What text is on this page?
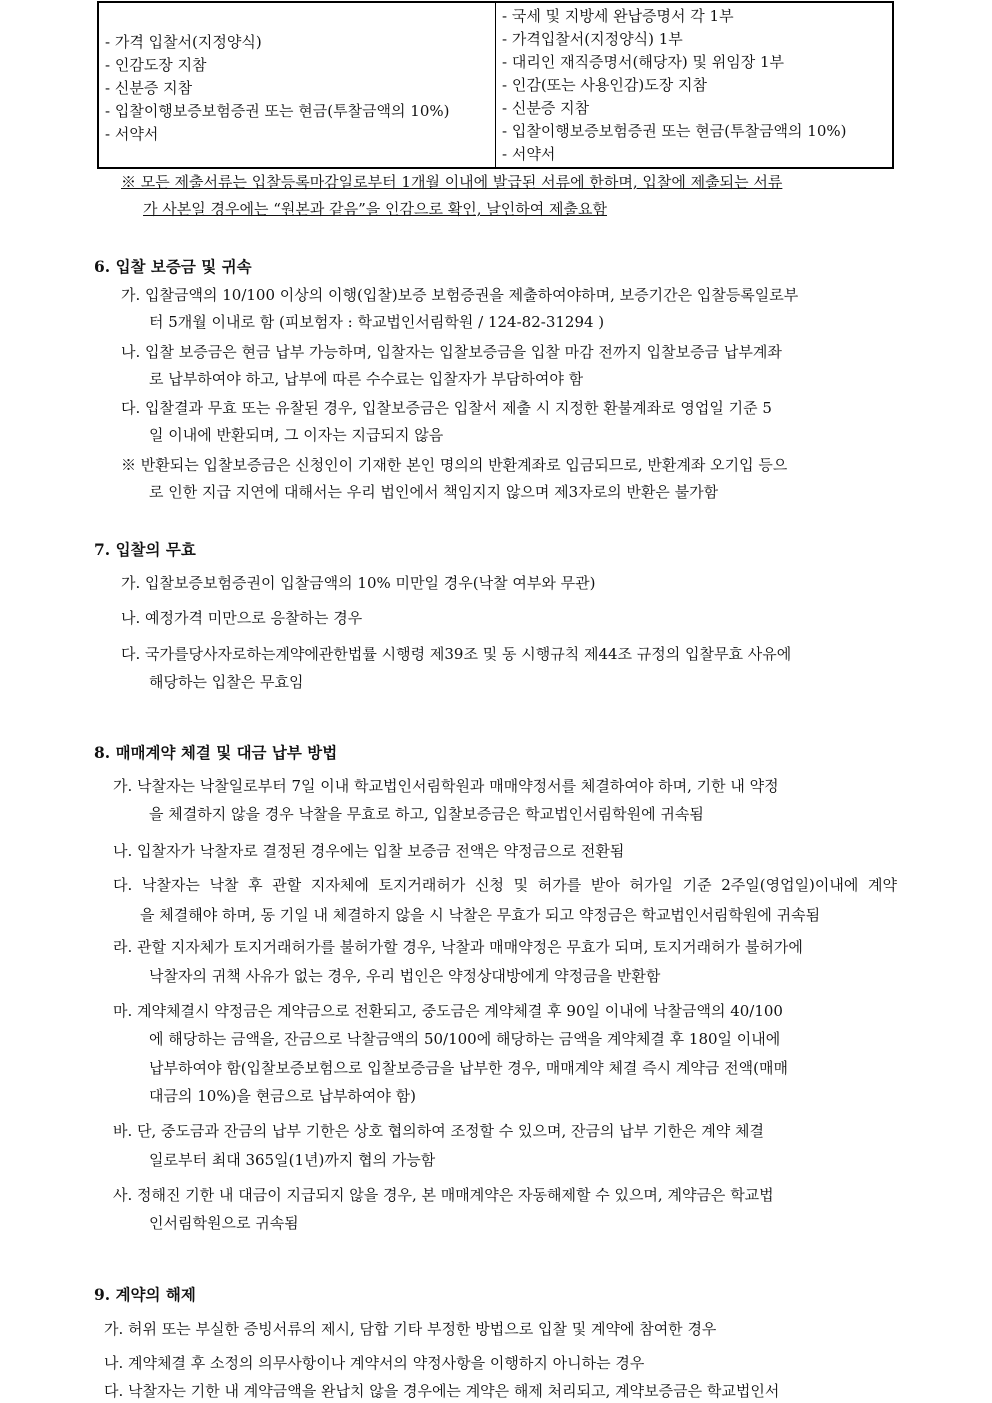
- 가격 입찰서(지정양식)
- 인감도장 지참
- 신분증 지참
- 입찰이행보증보험증권 또는 현금(투찰금액의 10%)
- 서약서
- 국세 및 지방세 완납증명서 각 1부
- 가격입찰서(지정양식) 1부
- 대리인 재직증명서(해당자) 및 위임장 1부
- 인감(또는 사용인감)도장 지참
- 신분증 지참
- 입찰이행보증보험증권 또는 현금(투찰금액의 10%)
- 서약서
※ 모든 제출서류는 입찰등록마감일로부터 1개월 이내에 발급된 서류에 한하며, 입찰에 제출되는 서류
가 사본일 경우에는 “원본과 같음”을 인감으로 확인, 날인하여 제출요함
6. 입찰 보증금 및 귀속
가. 입찰금액의 10/100 이상의 이행(입찰)보증 보험증권을 제출하여야하며, 보증기간은 입찰등록일로부
터 5개월 이내로 함 (피보험자 : 학교법인서림학원 / 124-82-31294 )
나. 입찰 보증금은 현금 납부 가능하며, 입찰자는 입찰보증금을 입찰 마감 전까지 입찰보증금 납부계좌
로 납부하여야 하고, 납부에 따른 수수료는 입찰자가 부담하여야 함
다. 입찰결과 무효 또는 유찰된 경우, 입찰보증금은 입찰서 제출 시 지정한 환불계좌로 영업일 기준 5
일 이내에 반환되며, 그 이자는 지급되지 않음
※ 반환되는 입찰보증금은 신청인이 기재한 본인 명의의 반환계좌로 입금되므로, 반환계좌 오기입 등으
로 인한 지급 지연에 대해서는 우리 법인에서 책임지지 않으며 제3자로의 반환은 불가함
7. 입찰의 무효
가. 입찰보증보험증권이 입찰금액의 10% 미만일 경우(낙찰 여부와 무관)
나. 예정가격 미만으로 응찰하는 경우
다. 국가를당사자로하는계약에관한법률 시행령 제39조 및 동 시행규칙 제44조 규정의 입찰무효 사유에
해당하는 입찰은 무효임
8. 매매계약 체결 및 대금 납부 방법
가. 낙찰자는 낙찰일로부터 7일 이내 학교법인서림학원과 매매약정서를 체결하여야 하며, 기한 내 약정
을 체결하지 않을 경우 낙찰을 무효로 하고, 입찰보증금은 학교법인서림학원에 귀속됨
나. 입찰자가 낙찰자로 결정된 경우에는 입찰 보증금 전액은 약정금으로 전환됨
다. 낙찰자는 낙찰 후 관할 지자체에 토지거래허가 신청 및 허가를 받아 허가일 기준 2주일(영업일)이내에 계약
을 체결해야 하며, 동 기일 내 체결하지 않을 시 낙찰은 무효가 되고 약정금은 학교법인서림학원에 귀속됨
라. 관할 지자체가 토지거래허가를 불허가할 경우, 낙찰과 매매약정은 무효가 되며, 토지거래허가 불허가에
낙찰자의 귀책 사유가 없는 경우, 우리 법인은 약정상대방에게 약정금을 반환함
마. 계약체결시 약정금은 계약금으로 전환되고, 중도금은 계약체결 후 90일 이내에 낙찰금액의 40/100
에 해당하는 금액을, 잔금으로 낙찰금액의 50/100에 해당하는 금액을 계약체결 후 180일 이내에
납부하여야 함(입찰보증보험으로 입찰보증금을 납부한 경우, 매매계약 체결 즉시 계약금 전액(매매
대금의 10%)을 현금으로 납부하여야 함)
바. 단, 중도금과 잔금의 납부 기한은 상호 협의하여 조정할 수 있으며, 잔금의 납부 기한은 계약 체결
일로부터 최대 365일(1년)까지 협의 가능함
사. 정해진 기한 내 대금이 지급되지 않을 경우, 본 매매계약은 자동해제할 수 있으며, 계약금은 학교법
인서림학원으로 귀속됨
9. 계약의 해제
가. 허위 또는 부실한 증빙서류의 제시, 담합 기타 부정한 방법으로 입찰 및 계약에 참여한 경우
나. 계약체결 후 소정의 의무사항이나 계약서의 약정사항을 이행하지 아니하는 경우
다. 낙찰자는 기한 내 계약금액을 완납치 않을 경우에는 계약은 해제 처리되고, 계약보증금은 학교법인서
